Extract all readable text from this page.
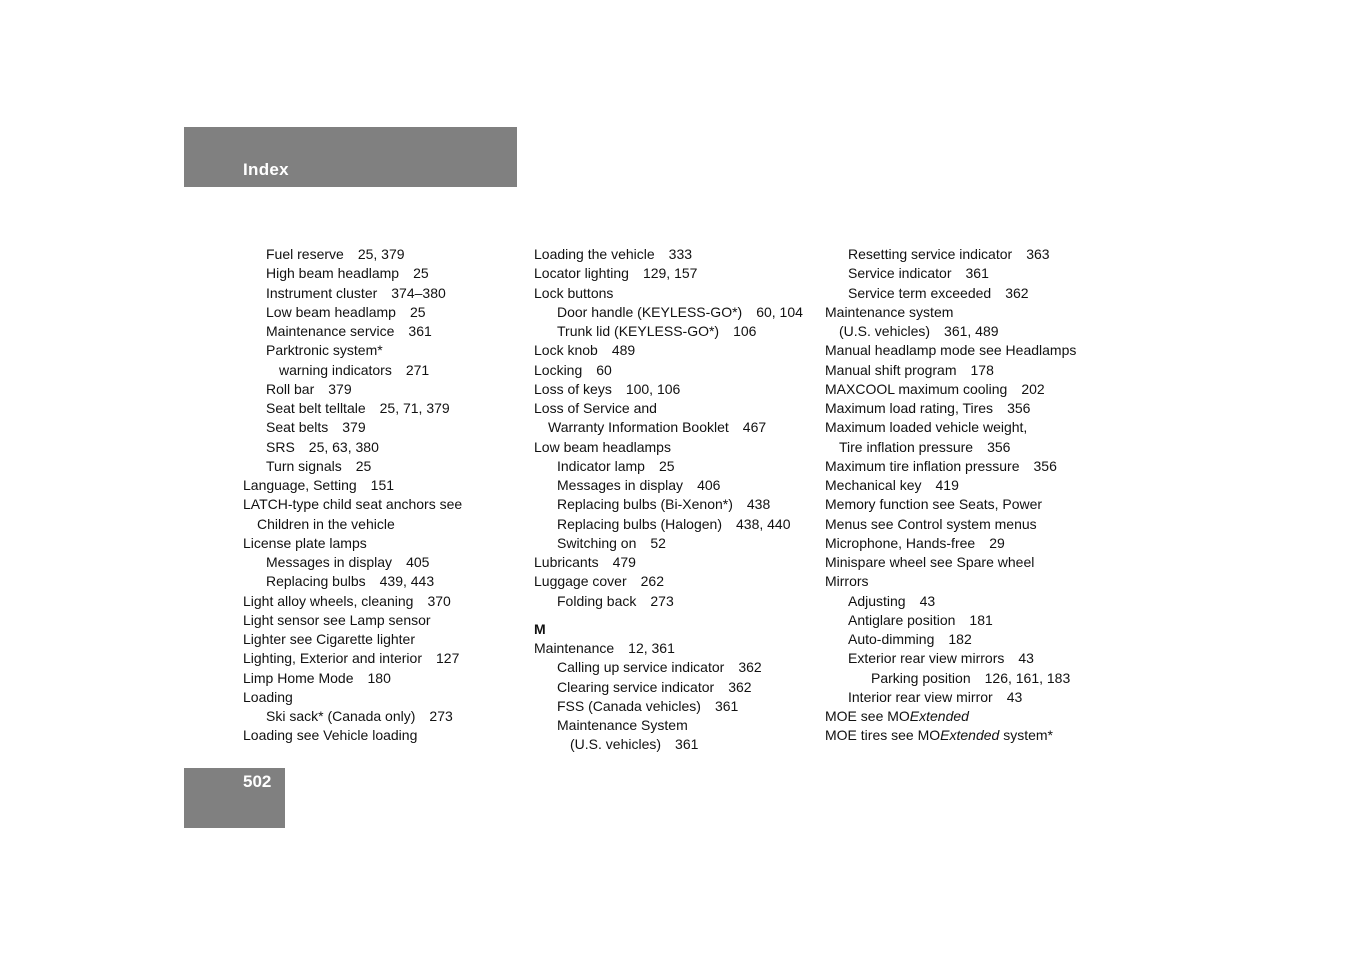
Index
Fuel reserve 25, 379
High beam headlamp 25
Instrument cluster 374–380
Low beam headlamp 25
Maintenance service 361
Parktronic system*
warning indicators 271
Roll bar 379
Seat belt telltale 25, 71, 379
Seat belts 379
SRS 25, 63, 380
Turn signals 25
Language, Setting 151
LATCH-type child seat anchors see
Children in the vehicle
License plate lamps
Messages in display 405
Replacing bulbs 439, 443
Light alloy wheels, cleaning 370
Light sensor see Lamp sensor
Lighter see Cigarette lighter
Lighting, Exterior and interior 127
Limp Home Mode 180
Loading
Ski sack* (Canada only) 273
Loading see Vehicle loading
Loading the vehicle 333
Locator lighting 129, 157
Lock buttons
Door handle (KEYLESS-GO*) 60, 104
Trunk lid (KEYLESS-GO*) 106
Lock knob 489
Locking 60
Loss of keys 100, 106
Loss of Service and
Warranty Information Booklet 467
Low beam headlamps
Indicator lamp 25
Messages in display 406
Replacing bulbs (Bi-Xenon*) 438
Replacing bulbs (Halogen) 438, 440
Switching on 52
Lubricants 479
Luggage cover 262
Folding back 273
M
Maintenance 12, 361
Calling up service indicator 362
Clearing service indicator 362
FSS (Canada vehicles) 361
Maintenance System
(U.S. vehicles) 361
Resetting service indicator 363
Service indicator 361
Service term exceeded 362
Maintenance system
(U.S. vehicles) 361, 489
Manual headlamp mode see Headlamps
Manual shift program 178
MAXCOOL maximum cooling 202
Maximum load rating, Tires 356
Maximum loaded vehicle weight,
Tire inflation pressure 356
Maximum tire inflation pressure 356
Mechanical key 419
Memory function see Seats, Power
Menus see Control system menus
Microphone, Hands-free 29
Minispare wheel see Spare wheel
Mirrors
Adjusting 43
Antiglare position 181
Auto-dimming 182
Exterior rear view mirrors 43
Parking position 126, 161, 183
Interior rear view mirror 43
MOE see MOExtended
MOE tires see MOExtended system*
502
